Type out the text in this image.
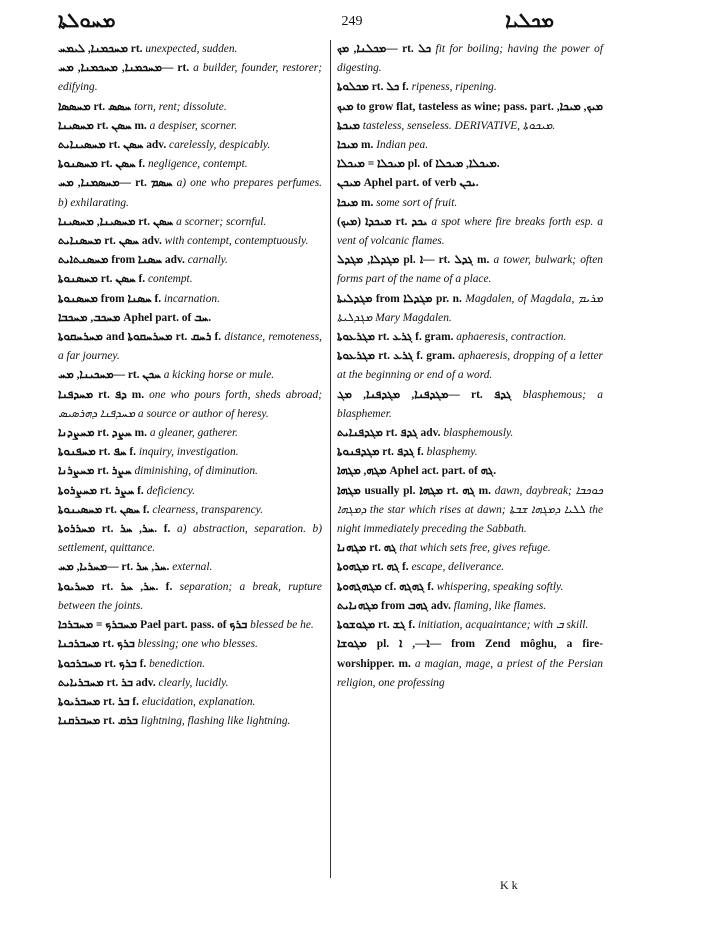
ܡܚܘܠܬܐ	249	ܡܟܠܝܐ

ܡܚܟܡܢܐ, ܠܝܡܚ rt. unexpected, sudden.

ܡܚܟܡܢܐ, ܡܚܟܡܢܐ, ܡܚ— rt. a builder, founder, restorer; edifying.

ܡܚܣܣܐ rt. ܚܣܣ torn, rent; dissolute.

ܡܚܣܝܢܐ rt. ܚܣܢ m. a despiser, scorner.

ܡܚܣܝܢܐܝܬ rt. ܚܣܢ adv. carelessly, despicably.

ܡܚܣܢܘܬܐ rt. ܚܣܢ f. negligence, contempt.

ܡܚܣܡܢܐ, ܡܚ— rt. ܚܣܡ a) one who prepares perfumes. b) exhilarating.

ܡܚܣܝܢܐ, ܡܚܣܝܢܐ rt. ܚܣܢ a scorner; scornful.

ܡܚܣܢܐܝܬ rt. ܚܣܢ adv. with contempt, contemptuously.

ܡܚܣܢܬܐܝܬ from ܚܣܢܐ adv. carnally.

ܡܚܣܢܘܬܐ rt. ܚܣܢ f. contempt.

ܡܚܣܢܘܬܐ from ܚܣܢܐ f. incarnation.

ܡܚܟܒ, ܡܚܟܒܐ Aphel part. of ܚܒ.

ܡܚܪܚܩܘܬܐ and ܡܚܪܚܩܘܬܐ rt. ܪܚܩ f. distance, remoteness, a far journey.

ܡܚܟܝܢܐ, ܡܚ— rt. ܚܟܢ a kicking horse or mule.

ܡܚܕܦܢܐ rt. ܕܦ m. one who pours forth, sheds abroad; ܡܚܕܦܢܐ ܕܗܪܣܝܣ a source or author of heresy.

ܡܚܨܕܢܐ rt. ܚܨܕ m. a gleaner, gatherer.

ܡܚܦܢܘܬܐ rt. ܚܦ f. inquiry, investigation.

ܡܚܨܪܢܐ rt. ܚܨܪ diminishing, of diminution.

ܡܚܨܪܘܬܐ rt. ܚܨܪ f. deficiency.

ܡܚܣܝܢܘܬܐ rt. ܚܣܢ f. clearness, transparency.

ܡܚܪܪܘܬܐ rt. ܚܪ, ܚܪ. f. a) abstraction, separation. b) settlement, quittance.

ܡܚܪܝܐ, ܡܚ— rt. ܚܪ, ܚܪ. external.

ܡܚܪܝܘܬܐ rt. ܚܪ, ܚܪ. f. separation; a break, rupture between the joints.

ܡܚܒܪܟ = ܡܚܒܪܟܐ Pael part. pass. of ܒܪܟ blessed be he.

ܡܚܒܪܟܢܐ rt. ܒܪܟ blessing; one who blesses.

ܡܚܒܪܟܘܬܐ rt. ܒܪܟ f. benediction.

ܡܚܒܪܝܐܝܬ rt. ܒܪ adv. clearly, lucidly.

ܡܚܒܪܝܘܬܐ rt. ܒܪ f. elucidation, explanation.

ܡܚܒܪܩܢܐ rt. ܒܪܩ lightning, flashing like lightning.

ܡܟܠܢܐ, ܡܟ— rt. ܟܠ fit for boiling; having the power of digesting.

ܡܟܠܘܬܐ rt. ܟܠ f. ripeness, ripening.

ܡܝܟ to grow flat, tasteless as wine; pass. part. ܡܝܟ, ܡܝܟܐ, ܡܝܟܬܐ tasteless, senseless. DERIVATIVE, ܡܝܟܘܬܐ.

ܡܝܟܐ m. Indian pea.

ܡܝܟܠܐ = ܡܝܟܠܐ pl. of ܡܝܟܠܐ, ܡܝܟܠܐ.

ܡܝܟܢ Aphel part. of verb ܝܟܢ.

ܡܝܟܐ m. some sort of fruit.

ܡܝܟܕܐ (ܡܝܟ) rt. ܝܟܕ a spot where fire breaks forth esp. a vent of volcanic flames.

ܡܓܕܠܐ, ܡܓܕܠ pl. ܐ— rt. ܓܕܠ m. a tower, bulwark; often forms part of the name of a place.

ܡܓܕܠܝܬܐ from ܡܓܕܠܐ pr. n. Magdalen, of Magdala, ܡܪܝܡ ܡܓܕܠܝܬܐ Mary Magdalen.

ܡܓܪܥܘܬܐ rt. ܓܪܥ f. gram. aphaeresis, contraction.

ܡܓܪܥܘܬܐ rt. ܓܪܥ f. gram. aphaeresis, dropping of a letter at the beginning or end of a word.

ܡܓܕܦܢܐ, ܡܓܕܦܢܐ, ܡܓ— rt. ܓܕܦ blasphemous; a blasphemer.

ܡܓܕܦܢܐܝܬ rt. ܓܕܦ adv. blasphemously.

ܡܓܕܦܢܘܬܐ rt. ܓܕܦ f. blasphemy.

ܡܓܗ, ܡܓܗܐ Aphel act. part. of ܓܗ.

ܡܓܗܐ usually pl. ܡܓܗܐ rt. ܓܗ m. dawn, daybreak; ܟܘܟܒܐ ܕܡܓܗܐ the star which rises at dawn; ܠܠܝܐ ܕܡܓܗܐ ܫܒܬܐ the night immediately preceding the Sabbath.

ܡܓܗܢܐ rt. ܓܗ that which sets free, gives refuge.

ܡܓܗܘܬܐ rt. ܓܗ f. escape, deliverance.

ܡܓܗܓܗܘܬܐ cf. ܓܗܓܗ f. whispering, speaking softly.

ܡܓܗܢܐܝܬ from ܓܗܒ adv. flaming, like flames.

ܡܓܘܫܘܬܐ rt. ܓܫ f. initiation, acquaintance; with ܒ skill.

ܡܓܘܫܐ pl. ܐ—, ܐ— from Zend môghu, a fire-worshipper. m. a magian, mage, a priest of the Persian religion, one professing

K k
